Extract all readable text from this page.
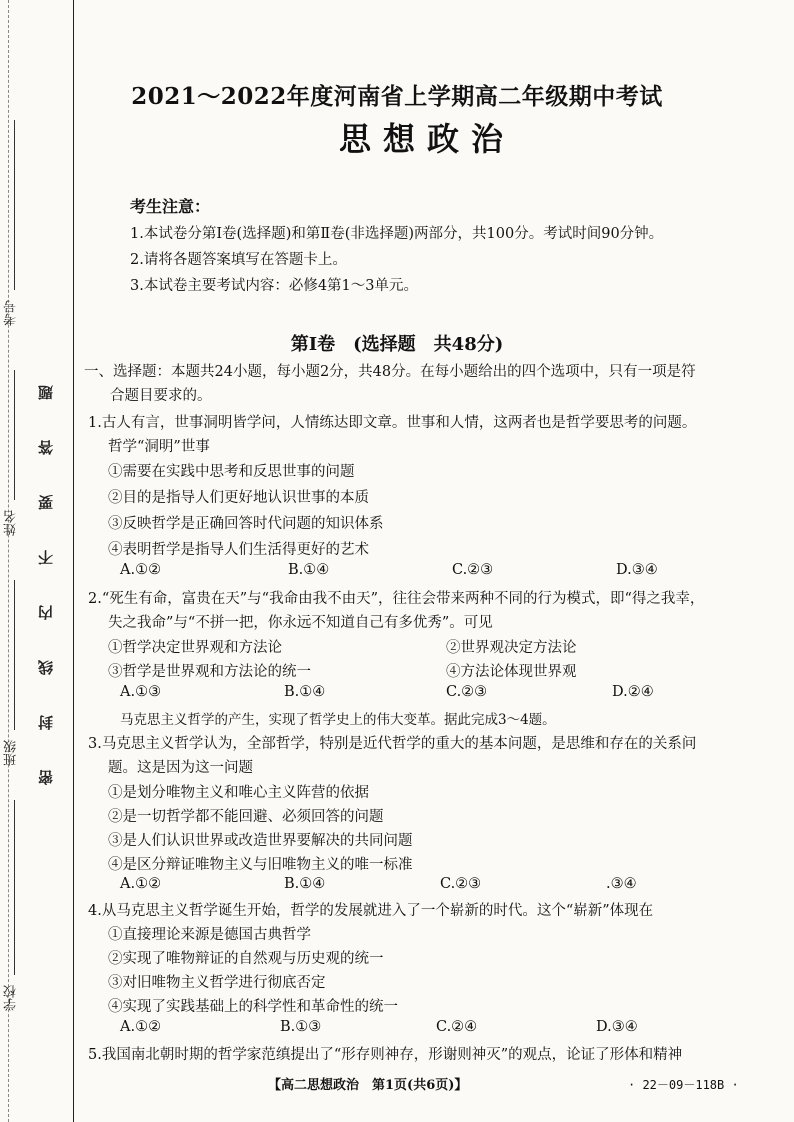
考号
姓名
班级
学校
题
答
要
不
内
线
封
密
2021～2022年度河南省上学期高二年级期中考试
思想政治
考生注意：
1.本试卷分第Ⅰ卷(选择题)和第Ⅱ卷(非选择题)两部分，共100分。考试时间90分钟。
2.请将各题答案填写在答题卡上。
3.本试卷主要考试内容：必修4第1～3单元。
第Ⅰ卷　(选择题　共48分)
一、选择题：本题共24小题，每小题2分，共48分。在每小题给出的四个选项中，只有一项是符
合题目要求的。
1.古人有言，世事洞明皆学问，人情练达即文章。世事和人情，这两者也是哲学要思考的问题。
哲学“洞明”世事
①需要在实践中思考和反思世事的问题
②目的是指导人们更好地认识世事的本质
③反映哲学是正确回答时代问题的知识体系
④表明哲学是指导人们生活得更好的艺术
A.①②	B.①④	C.②③	D.③④
2.“死生有命，富贵在天”与“我命由我不由天”，往往会带来两种不同的行为模式，即“得之我幸，
失之我命”与“不拼一把，你永远不知道自己有多优秀”。可见
①哲学决定世界观和方法论	②世界观决定方法论
③哲学是世界观和方法论的统一	④方法论体现世界观
A.①③	B.①④	C.②③	D.②④
马克思主义哲学的产生，实现了哲学史上的伟大变革。据此完成3～4题。
3.马克思主义哲学认为，全部哲学，特别是近代哲学的重大的基本问题，是思维和存在的关系问
题。这是因为这一问题
①是划分唯物主义和唯心主义阵营的依据
②是一切哲学都不能回避、必须回答的问题
③是人们认识世界或改造世界要解决的共同问题
④是区分辩证唯物主义与旧唯物主义的唯一标准
A.①②	B.①④	C.②③	.③④
4.从马克思主义哲学诞生开始，哲学的发展就进入了一个崭新的时代。这个“崭新”体现在
①直接理论来源是德国古典哲学
②实现了唯物辩证的自然观与历史观的统一
③对旧唯物主义哲学进行彻底否定
④实现了实践基础上的科学性和革命性的统一
A.①②	B.①③	C.②④	D.③④
5.我国南北朝时期的哲学家范缜提出了“形存则神存，形谢则神灭”的观点，论证了形体和精神
【高二思想政治　第1页(共6页)】	· 22－09－118B ·
